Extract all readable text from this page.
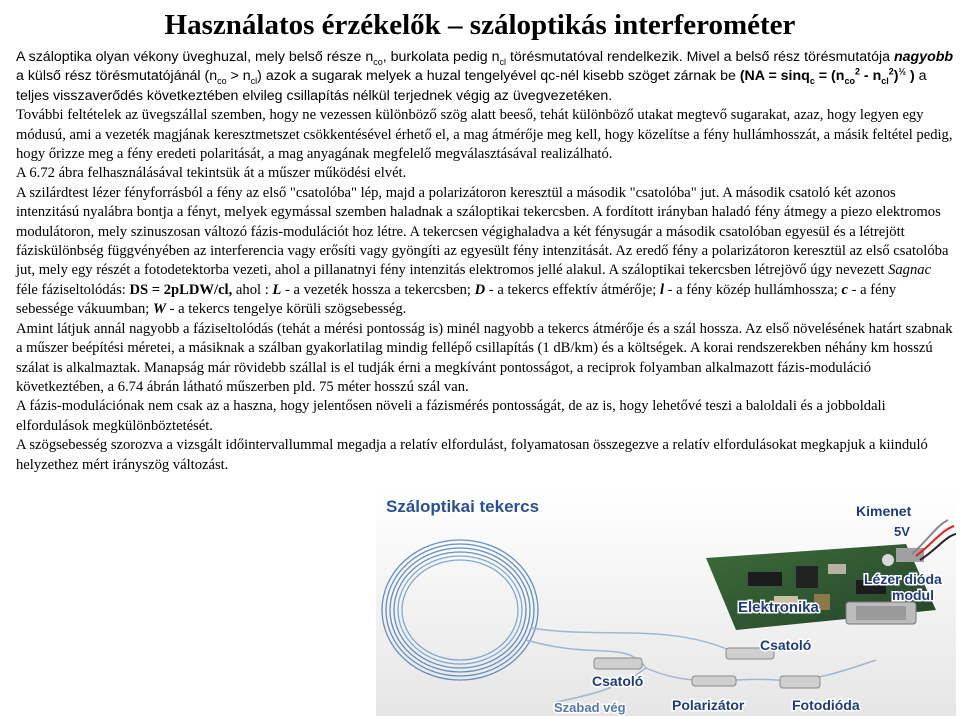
Használatos érzékelők – száloptikás interferométer

A száloptika olyan vékony üveghuzal, mely belső része $n_{co}$, burkolata pedig $n_{cl}$ törésmutatóval rendelkezik. Mivel a belső rész törésmutatója nagyobb a külső rész törésmutatójánál $(n_{co} > n_{cl})$ azok a sugarak melyek a huzal tengelyével qc-nél kisebb szöget zárnak be ($NA = \sin q_c = (n_{co}^2 - n_{cl}^2)^{\frac{1}{2}}$ ) a teljes visszaverődés következtében elvileg csillapítás nélkül terjednek végig az üvegvezetéken.

További feltételek az üvegszállal szemben, hogy ne vezessen különböző szög alatt beeső, tehát különböző utakat megtevő sugarakat, azaz, hogy legyen egy módusú, ami a vezeték magjának keresztmetszet csökkentésével érhető el, a mag átmérője meg kell, hogy közelítse a fény hullámhosszát, a másik feltétel pedig, hogy őrizze meg a fény eredeti polaritását, a mag anyagának megfelelő megválasztásával realizálható.

A 6.72 ábra felhasználásával tekintsük át a műszer működési elvét.

A szilárdtest lézer fényforrásból a fény az első "csatolóba" lép, majd a polarizátoron keresztül a második "csatolóba" jut. A második csatoló két azonos intenzitású nyalábra bontja a fényt, melyek egymással szemben haladnak a száloptikai tekercsben. A fordított irányban haladó fény átmegy a piezo elektromos modulátoron, mely szinuszosan változó fázis-modulációt hoz létre. A tekercsen végighaladva a két fénysugár a második csatolóban egyesül és a létrejött fáziskülönbség függvényében az interferencia vagy erősíti vagy gyöngíti az egyesült fény intenzitását. Az eredő fény a polarizátoron keresztül az első csatolóba jut, mely egy részét a fotodetektorba vezeti, ahol a pillanatnyi fény intenzitás elektromos jellé alakul. A száloptikai tekercsben létrejövő úgy nevezett Sagnac féle fáziseltolódás: DS = 2pLDW/cl, ahol : L - a vezeték hossza a tekercsben; D - a tekercs effektív átmérője; l - a fény közép hullámhossza; c - a fény sebessége vákuumban; W - a tekercs tengelye körüli szögsebesség.

Amint látjuk annál nagyobb a fáziseltolódás (tehát a mérési pontosság is) minél nagyobb a tekercs átmérője és a szál hossza. Az első növelésének határt szabnak a műszer beépítési méretei, a másiknak a szálban gyakorlatilag mindig fellépő csillapítás (1 dB/km) és a költségek. A korai rendszerekben néhány km hosszú szálat is alkalmaztak. Manapság már rövidebb szállal is el tudják érni a megkívánt pontosságot, a reciprok folyamban alkalmazott fázis-moduláció következtében, a 6.74 ábrán látható műszerben pld. 75 méter hosszú szál van.

A fázis-modulációnak nem csak az a haszna, hogy jelentősen növeli a fázismérés pontosságát, de az is, hogy lehetővé teszi a baloldali és a jobboldali elfordulások megkülönböztetését.

A szögsebesség szorozva a vizsgált időintervallummal megadja a relatív elfordulást, folyamatosan összegezve a relatív elfordulásokat megkapjuk a kiinduló helyzethez mért irányszög változást.

Száloptikai tekercs	Kimenet
5V
Lézer dióda
modul
Elektronika
Csatoló
Csatoló
Szabad vég	Polarizátor	Fotodióda
